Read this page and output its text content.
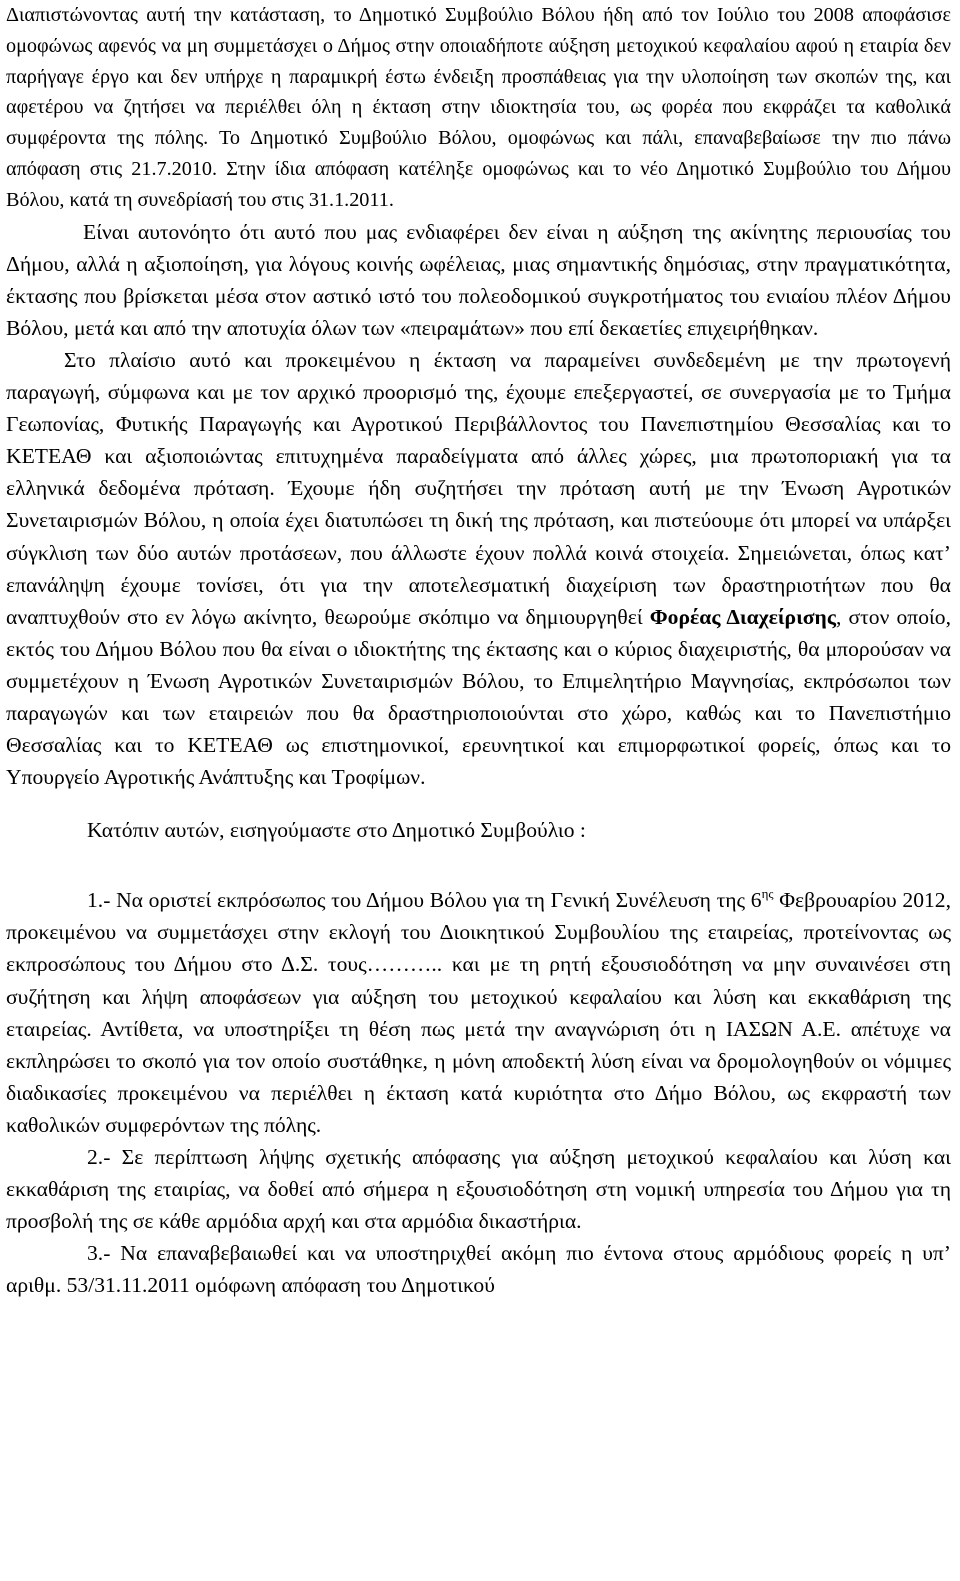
Διαπιστώνοντας αυτή την κατάσταση, το Δημοτικό Συμβούλιο Βόλου ήδη από τον Ιούλιο του 2008 αποφάσισε ομοφώνως αφενός να μη συμμετάσχει ο Δήμος στην οποιαδήποτε αύξηση μετοχικού κεφαλαίου αφού η εταιρία δεν παρήγαγε έργο και δεν υπήρχε η παραμικρή έστω ένδειξη προσπάθειας για την υλοποίηση των σκοπών της, και αφετέρου να ζητήσει να περιέλθει όλη η έκταση στην ιδιοκτησία του, ως φορέα που εκφράζει τα καθολικά συμφέροντα της πόλης. Το Δημοτικό Συμβούλιο Βόλου, ομοφώνως και πάλι, επαναβεβαίωσε την πιο πάνω απόφαση στις 21.7.2010. Στην ίδια απόφαση κατέληξε ομοφώνως και το νέο Δημοτικό Συμβούλιο του Δήμου Βόλου, κατά τη συνεδρίασή του στις 31.1.2011.

Είναι αυτονόητο ότι αυτό που μας ενδιαφέρει δεν είναι η αύξηση της ακίνητης περιουσίας του Δήμου, αλλά η αξιοποίηση, για λόγους κοινής ωφέλειας, μιας σημαντικής δημόσιας, στην πραγματικότητα, έκτασης που βρίσκεται μέσα στον αστικό ιστό του πολεοδομικού συγκροτήματος του ενιαίου πλέον Δήμου Βόλου, μετά και από την αποτυχία όλων των «πειραμάτων» που επί δεκαετίες επιχειρήθηκαν.

Στο πλαίσιο αυτό και προκειμένου η έκταση να παραμείνει συνδεδεμένη με την πρωτογενή παραγωγή, σύμφωνα και με τον αρχικό προορισμό της, έχουμε επεξεργαστεί, σε συνεργασία με το Τμήμα Γεωπονίας, Φυτικής Παραγωγής και Αγροτικού Περιβάλλοντος του Πανεπιστημίου Θεσσαλίας και το ΚΕΤΕΑΘ και αξιοποιώντας επιτυχημένα παραδείγματα από άλλες χώρες, μια πρωτοποριακή για τα ελληνικά δεδομένα πρόταση. Έχουμε ήδη συζητήσει την πρόταση αυτή με την Ένωση Αγροτικών Συνεταιρισμών Βόλου, η οποία έχει διατυπώσει τη δική της πρόταση, και πιστεύουμε ότι μπορεί να υπάρξει σύγκλιση των δύο αυτών προτάσεων, που άλλωστε έχουν πολλά κοινά στοιχεία. Σημειώνεται, όπως κατ’ επανάληψη έχουμε τονίσει, ότι για την αποτελεσματική διαχείριση των δραστηριοτήτων που θα αναπτυχθούν στο εν λόγω ακίνητο, θεωρούμε σκόπιμο να δημιουργηθεί Φορέας Διαχείρισης, στον οποίο, εκτός του Δήμου Βόλου που θα είναι ο ιδιοκτήτης της έκτασης και ο κύριος διαχειριστής, θα μπορούσαν να συμμετέχουν η Ένωση Αγροτικών Συνεταιρισμών Βόλου, το Επιμελητήριο Μαγνησίας, εκπρόσωποι των παραγωγών και των εταιρειών που θα δραστηριοποιούνται στο χώρο, καθώς και το Πανεπιστήμιο Θεσσαλίας και το ΚΕΤΕΑΘ ως επιστημονικοί, ερευνητικοί και επιμορφωτικοί φορείς, όπως και το Υπουργείο Αγροτικής Ανάπτυξης και Τροφίμων.

Κατόπιν αυτών, εισηγούμαστε στο Δημοτικό Συμβούλιο :

1.- Να οριστεί εκπρόσωπος του Δήμου Βόλου για τη Γενική Συνέλευση της $6^{\eta\varsigma}$ Φεβρουαρίου 2012, προκειμένου να συμμετάσχει στην εκλογή του Διοικητικού Συμβουλίου της εταιρείας, προτείνοντας ως εκπροσώπους του Δήμου στο Δ.Σ. τους……….. και με τη ρητή εξουσιοδότηση να μην συναινέσει στη συζήτηση και λήψη αποφάσεων για αύξηση του μετοχικού κεφαλαίου και λύση και εκκαθάριση της εταιρείας. Αντίθετα, να υποστηρίξει τη θέση πως μετά την αναγνώριση ότι η ΙΑΣΩΝ Α.Ε. απέτυχε να εκπληρώσει το σκοπό για τον οποίο συστάθηκε, η μόνη αποδεκτή λύση είναι να δρομολογηθούν οι νόμιμες διαδικασίες προκειμένου να περιέλθει η έκταση κατά κυριότητα στο Δήμο Βόλου, ως εκφραστή των καθολικών συμφερόντων της πόλης.

2.- Σε περίπτωση λήψης σχετικής απόφασης για αύξηση μετοχικού κεφαλαίου και λύση και εκκαθάριση της εταιρίας, να δοθεί από σήμερα η εξουσιοδότηση στη νομική υπηρεσία του Δήμου για τη προσβολή της σε κάθε αρμόδια αρχή και στα αρμόδια δικαστήρια.

3.- Να επαναβεβαιωθεί και να υποστηριχθεί ακόμη πιο έντονα στους αρμόδιους φορείς η υπ’ αριθμ. 53/31.11.2011 ομόφωνη απόφαση του Δημοτικού
